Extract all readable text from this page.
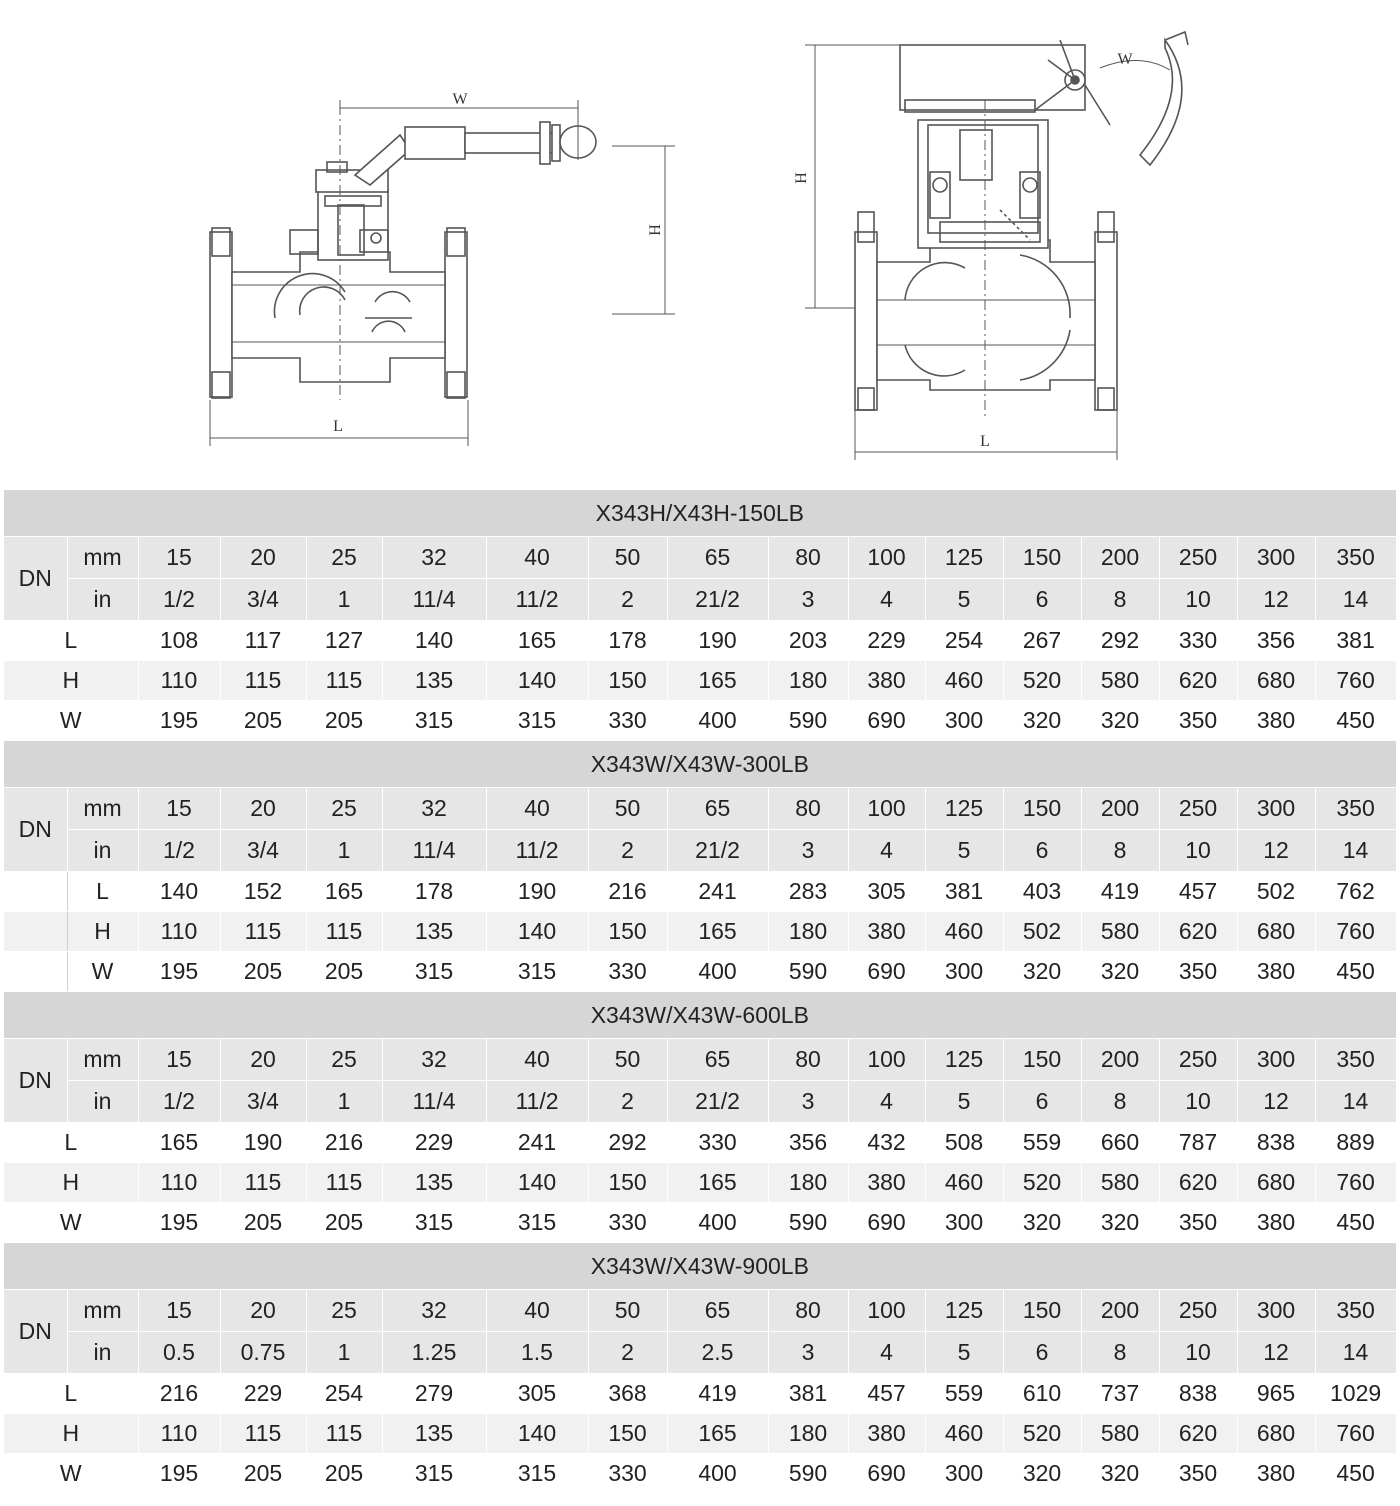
W
H
L
W
H
L
X343H/X43H-150LB																
DN	mm	15	20	25	32	40	50	65	80	100	125	150	200	250	300	350
	in	1/2	3/4	1	11/4	11/2	2	21/2	3	4	5	6	8	10	12	14
L		108	117	127	140	165	178	190	203	229	254	267	292	330	356	381
H		110	115	115	135	140	150	165	180	380	460	520	580	620	680	760
W		195	205	205	315	315	330	400	590	690	300	320	320	350	380	450
X343W/X43W-300LB																
DN	mm	15	20	25	32	40	50	65	80	100	125	150	200	250	300	350
	in	1/2	3/4	1	11/4	11/2	2	21/2	3	4	5	6	8	10	12	14
	L	140	152	165	178	190	216	241	283	305	381	403	419	457	502	762
	H	110	115	115	135	140	150	165	180	380	460	502	580	620	680	760
	W	195	205	205	315	315	330	400	590	690	300	320	320	350	380	450
X343W/X43W-600LB																
DN	mm	15	20	25	32	40	50	65	80	100	125	150	200	250	300	350
	in	1/2	3/4	1	11/4	11/2	2	21/2	3	4	5	6	8	10	12	14
L		165	190	216	229	241	292	330	356	432	508	559	660	787	838	889
H		110	115	115	135	140	150	165	180	380	460	520	580	620	680	760
W		195	205	205	315	315	330	400	590	690	300	320	320	350	380	450
X343W/X43W-900LB																
DN	mm	15	20	25	32	40	50	65	80	100	125	150	200	250	300	350
	in	0.5	0.75	1	1.25	1.5	2	2.5	3	4	5	6	8	10	12	14
L		216	229	254	279	305	368	419	381	457	559	610	737	838	965	1029
H		110	115	115	135	140	150	165	180	380	460	520	580	620	680	760
W		195	205	205	315	315	330	400	590	690	300	320	320	350	380	450
